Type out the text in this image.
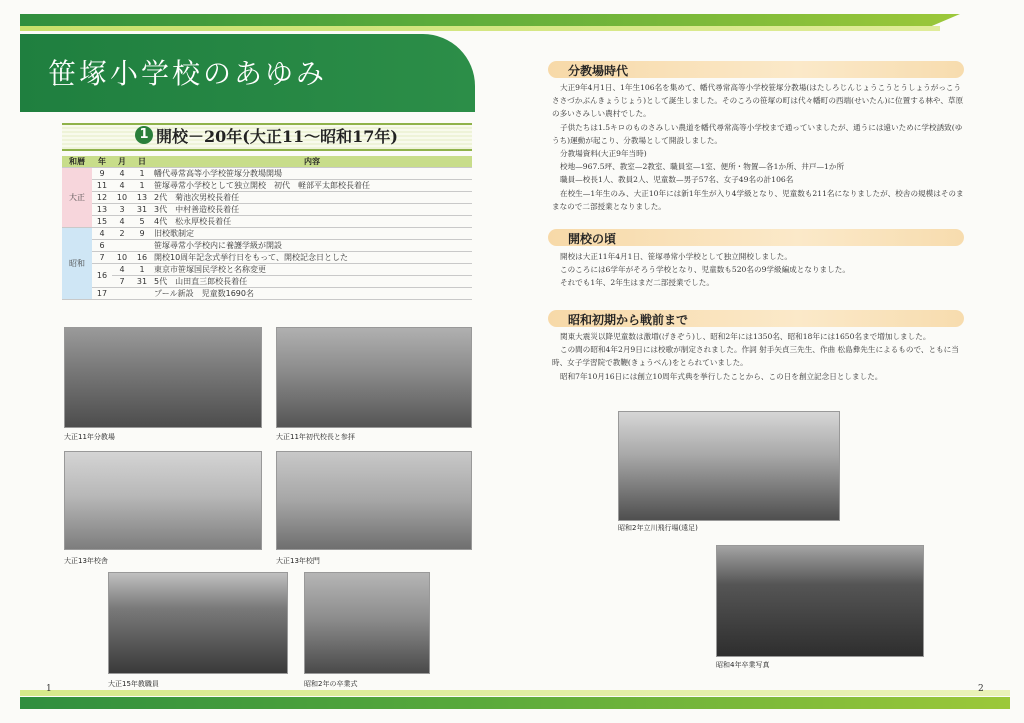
笹塚小学校のあゆみ
1 開校－20年(大正11～昭和17年)
和暦	年	月	日	内容
大正	9	4	1	幡代尋常高等小学校笹塚分教場開場
	11	4	1	笹塚尋常小学校として独立開校　初代　軽部平太郎校長着任
	12	10	13	2代　菊池次男校長着任
	13	3	31	3代　中村善造校長着任
	15	4	5	4代　松永厚校長着任
昭和	4	2	9	旧校歌制定
	6			笹塚尋常小学校内に養護学級が開設
	7	10	16	開校10周年記念式挙行日をもって、開校記念日とした
	16	4	1	東京市笹塚国民学校と名称変更
		7	31	5代　山田直三郎校長着任
	17			プール新設　児童数1690名
大正11年分教場	大正11年初代校長と参拝
大正13年校舎	大正13年校門
大正15年教職員	昭和2年の卒業式
分教場時代

大正9年4月1日、1年生106名を集めて、幡代尋常高等小学校笹塚分教場(はたしろじんじょうこうとうしょうがっこうささづかぶんきょうじょう)として誕生しました。そのころの笹塚の町は代々幡町の西端(せいたん)に位置する林や、草原の多いさみしい農村でした。

子供たちは1.5キロのものさみしい農道を幡代尋常高等小学校まで通っていましたが、通うには遠いために学校誘致(ゆうち)運動が起こり、分教場として開設しました。

分教場資料(大正9年当時)

校地—967.5坪、教室—2教室、職員室—1室、便所・物置—各1か所、井戸—1か所

職員—校長1人、教員2人、児童数—男子57名、女子49名の計106名

在校生—1年生のみ、大正10年には新1年生が入り4学級となり、児童数も211名になりましたが、校舎の規模はそのままなので二部授業となりました。

開校の頃

開校は大正11年4月1日、笹塚尋常小学校として独立開校しました。

このころには6学年がそろう学校となり、児童数も520名の9学級編成となりました。

それでも1年、2年生はまだ二部授業でした。

昭和初期から戦前まで

関東大震災以降児童数は激増(げきぞう)し、昭和2年には1350名、昭和18年には1650名まで増加しました。

この間の昭和4年2月9日には校歌が制定されました。作詞 射手矢貞三先生、作曲 松島彜先生によるもので、ともに当時、女子学習院で教鞭(きょうべん)をとられていました。

昭和7年10月16日には創立10周年式典を挙行したことから、この日を創立記念日としました。

昭和2年立川飛行場(遠足)
昭和4年卒業写真
1	2
